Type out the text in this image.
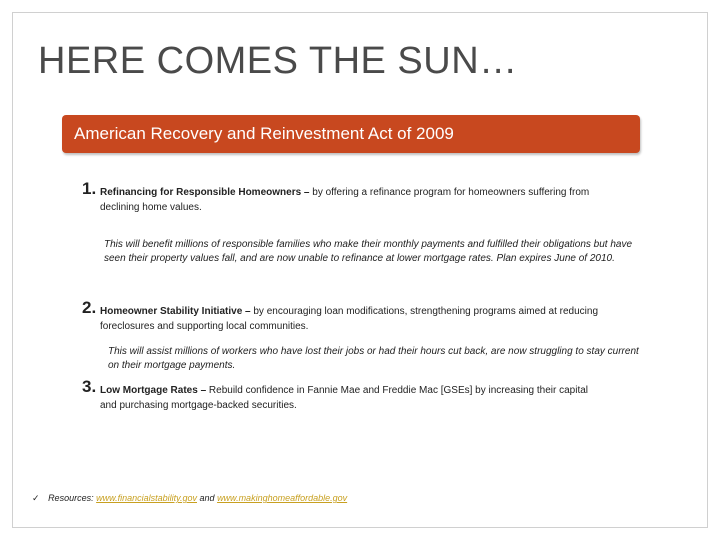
HERE COMES THE SUN…
American Recovery and Reinvestment Act of 2009
1. Refinancing for Responsible Homeowners – by offering a refinance program for homeowners suffering from
declining home values.
This will benefit millions of responsible families who make their monthly payments and fulfilled their obligations but have seen their property values fall, and are now unable to refinance at lower mortgage rates. Plan expires June of 2010.
2. Homeowner Stability Initiative – by encouraging loan modifications, strengthening programs aimed at reducing
foreclosures and supporting local communities.
This will assist millions of workers who have lost their jobs or had their hours cut back, are now struggling to stay current on their mortgage payments.
3. Low Mortgage Rates – Rebuild confidence in Fannie Mae and Freddie Mac [GSEs] by increasing their capital
and purchasing mortgage-backed securities.
✓ Resources: www.financialstability.gov and www.makinghomeaffordable.gov
